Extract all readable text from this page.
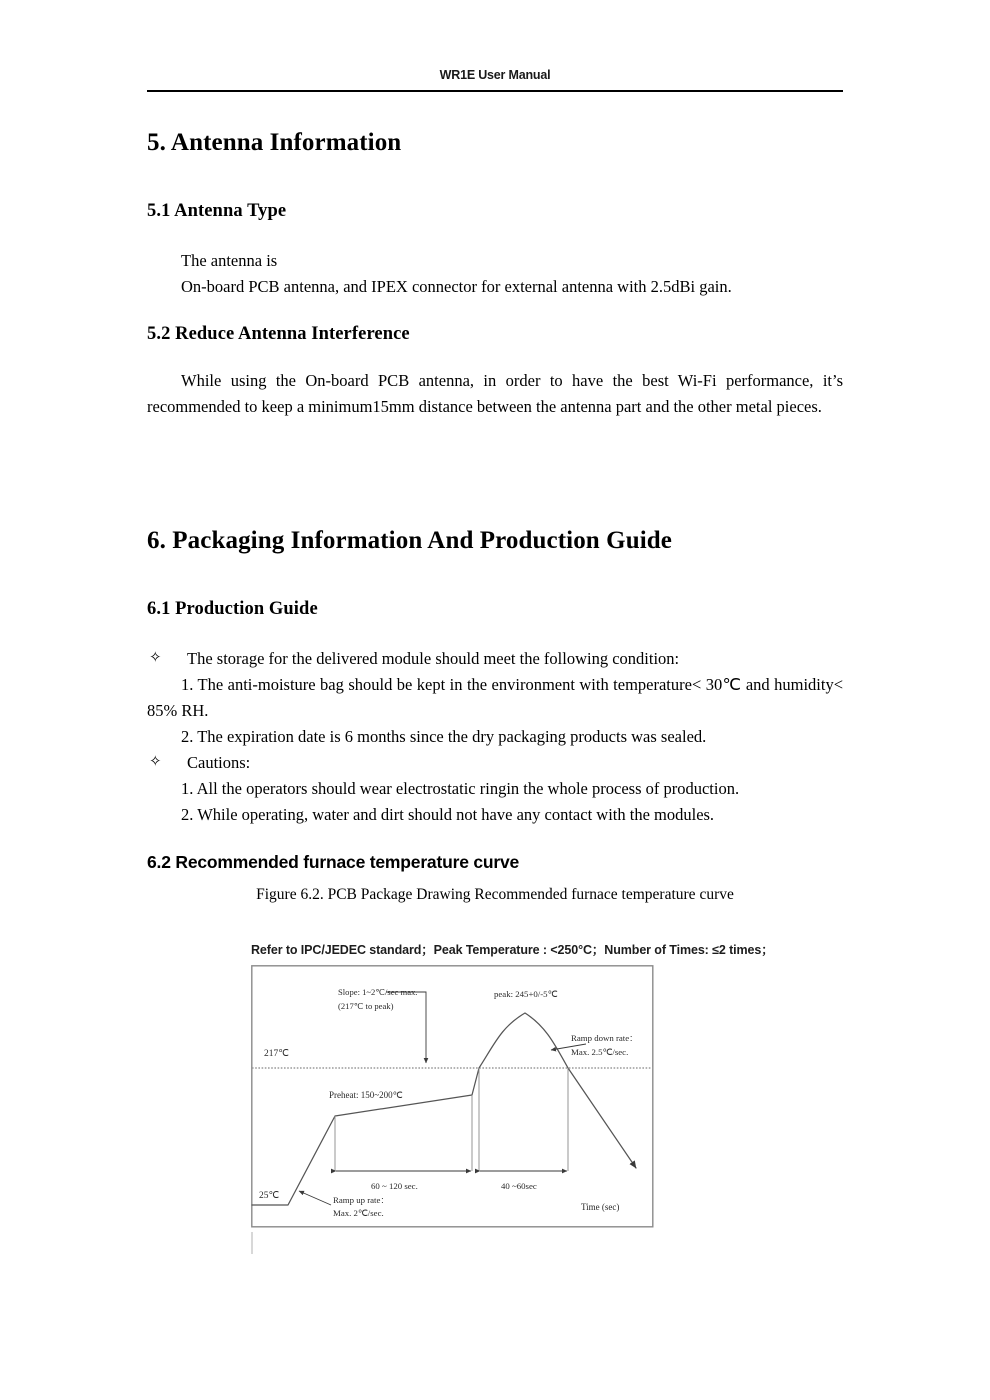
WR1E User Manual
5. Antenna Information
5.1 Antenna Type

The antenna is

On-board PCB antenna, and IPEX connector for external antenna with 2.5dBi gain.

5.2 Reduce Antenna Interference

While using the On-board PCB antenna, in order to have the best Wi-Fi performance, it’s recommended to keep a minimum15mm distance between the antenna part and the other metal pieces.

6. Packaging Information And Production Guide
6.1 Production Guide
✧ The storage for the delivered module should meet the following condition:

1. The anti-moisture bag should be kept in the environment with temperature< 30℃ and humidity< 85% RH.

2. The expiration date is 6 months since the dry packaging products was sealed.

✧ Cautions:

1. All the operators should wear electrostatic ringin the whole process of production.

2. While operating, water and dirt should not have any contact with the modules.

6.2 Recommended furnace temperature curve
Figure 6.2. PCB Package Drawing Recommended furnace temperature curve
Refer to IPC/JEDEC standard；Peak Temperature : <250°C；Number of Times: ≤2 times；
217℃
25℃
Slope: 1~2℃/sec max.
(217℃ to peak)
peak: 245+0/-5℃
Ramp down rate：
Max. 2.5℃/sec.
Preheat: 150~200℃
Ramp up rate：
Max. 2℃/sec.
60 ~ 120 sec.	40 ~60sec
Time (sec)
